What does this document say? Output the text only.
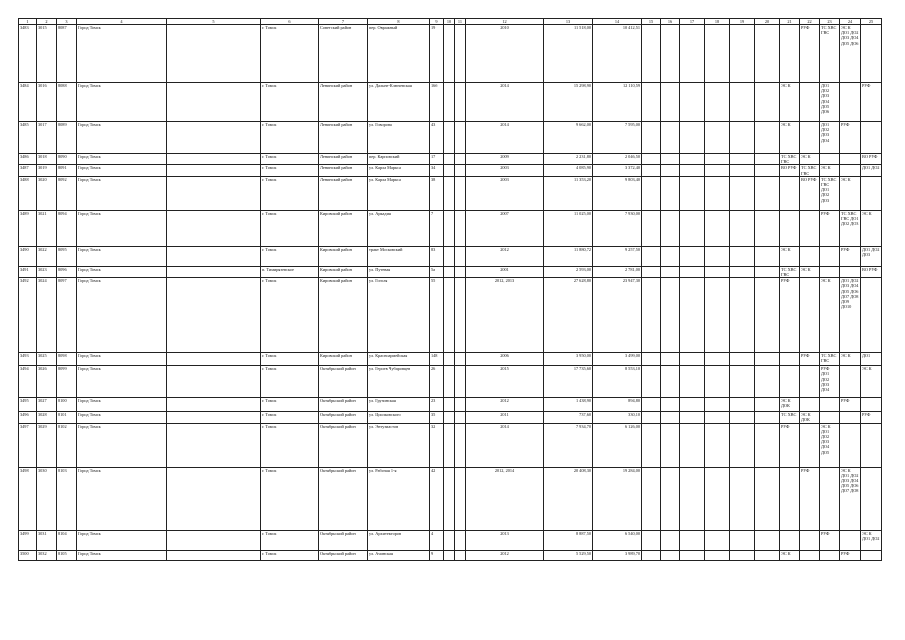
1	2	3	4	5	6	7	8	9	10	11	12	13	14	15	16	17	18	19	20	21	22	23	24	25
3483	3015	8087	Город Томск		г. Томск	Советский район	пер. Овражный	19			2010	11 518,00	10 412,51								РУФ	ТС ХВС ГВС	ЭС К ДО1 ДО2 ДО3 ДО4 ДО5 ДО6	
3484	3016	8088	Город Томск		г. Томск	Ленинский район	ул. Дальне-Ключевская	16б			2014	15 298,90	12 110,59							ЭС К		ДО1 ДО2 ДО3 ДО4 ДО5 ДО6		РУФ
3485	3017	8089	Город Томск		г. Томск	Ленинский район	ул. Говорова	43			2014	9 662,00	7 595,00							ЭС К		ДО1 ДО2 ДО3 ДО4	РУФ	
3486	3018	8090	Город Томск		г. Томск	Ленинский район	пер. Карповский	17			2009	2 231,80	2 046,50							ТС ХВС ГВС	ЭС К			ВО РУФ
3487	3019	8091	Город Томск		г. Томск	Ленинский район	ул. Карла Маркса	34			2003	4 085,90	3 372,40							ВО РУФ	ТС ХВС ГВС	ЭС К		ДО1 ДО2
3488	3020	8092	Город Томск		г. Томск	Ленинский район	ул. Карла Маркса	38			2003	11 353,20	9 803,40								ВО РУФ	ТС ХВС ГВС ДО1 ДО2 ДО3	ЭС К	
3489	3021	8094	Город Томск		г. Томск	Кировский район	ул. Аркадия	7			2007	11 025,00	7 930,00									РУФ	ТС ХВС ГВС ДО1 ДО2 ДО3	ЭС К
3490	3022	8095	Город Томск		г. Томск	Кировский район	тракт Московский	83			2012	11 880,72	9 257,50							ЭС К			РУФ	ДО1 ДО2 ДО3
3491	3023	8096	Город Томск		п. Тимирязевское	Кировский район	ул. Путевая	5а			2001	2 593,00	2 781,00							ТС ХВС ГВС	ЭС К			ВО РУФ
3492	3024	8097	Город Томск		г. Томск	Кировский район	ул. Гоголя	55			2012, 2013	27 628,80	23 947,30							РУФ		ЭС К	ДО1 ДО2 ДО3 ДО4 ДО5 ДО6 ДО7 ДО8 ДО9 ДО10	
3493	3025	8098	Город Томск		г. Томск	Кировский район	ул. Красноармейская	148			2006	3 950,00	3 499,00								РУФ	ТС ХВС ГВС	ЭС К	ДО1
3494	3026	8099	Город Томск		г. Томск	Октябрьский район	ул. Героев Чубаровцев	26			2015	17 735,60	8 553,10									РУФ ДО1 ДО2 ДО3 ДО4		ЭС К
3495	3027	8100	Город Томск		г. Томск	Октябрьский район	ул. Грузинская	23			2012	1 438,90	894,80							ЭС К ДОК			РУФ	
3496	3028	8101	Город Томск		г. Томск	Октябрьский район	ул. Циолковского	35			2011	737,60	330,10							ТС ХВС	ЭС К ДОК			РУФ
3497	3029	8102	Город Томск		г. Томск	Октябрьский район	ул. Энтузиастов	32			2014	7 934,70	6 126,00							РУФ		ЭС К ДО1 ДО2 ДО3 ДО4 ДО5		
3498	3030	8103	Город Томск		г. Томск	Октябрьский район	ул. Рабочая 1-я	42			2012, 2014	20 408,30	19 284,00								РУФ		ЭС К ДО1 ДО2 ДО3 ДО4 ДО5 ДО6 ДО7 ДО8	
3499	3031	8104	Город Томск		г. Томск	Октябрьский район	ул. Архитекторов	4			2013	8 887,50	6 540,00									РУФ		ЭС К ДО1 ДО2
3500	3032	8105	Город Томск		г. Томск	Октябрьский район	ул. Ачинская	9			2012	5 529,50	3 989,70							ЭС К			РУФ	
